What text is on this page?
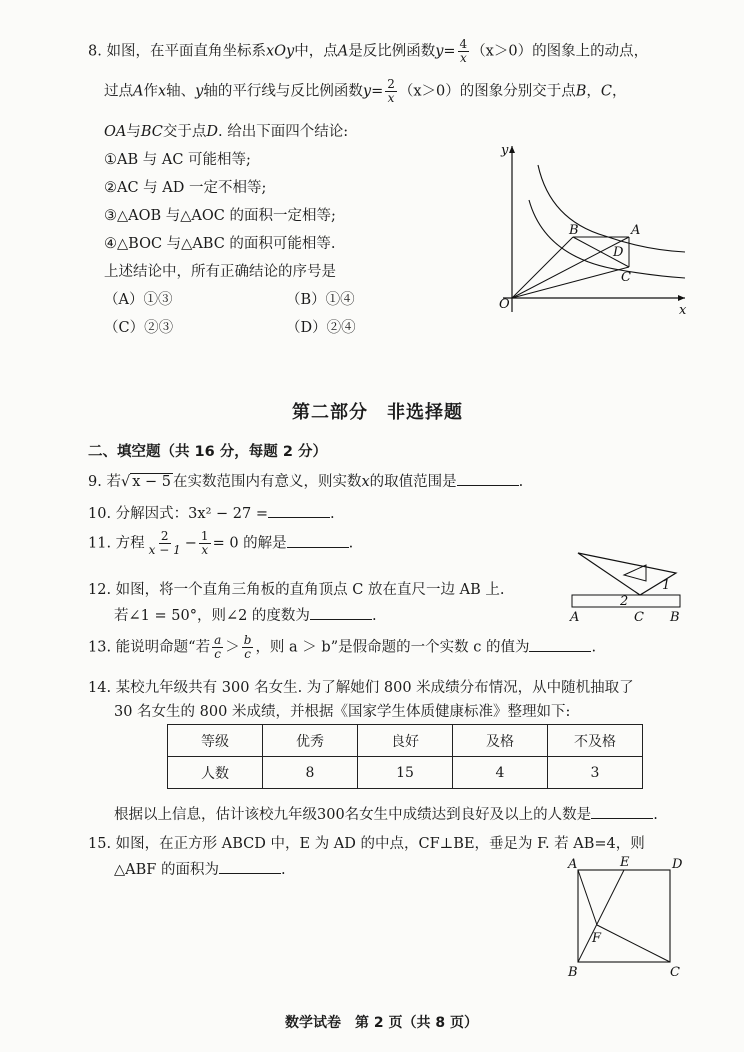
8. 如图，在平面直角坐标系xOy中，点A是反比例函数$y= \frac{4}{x} (x>0)$的图象上的动点，
过点A作x轴、y轴的平行线与反比例函数$y= \frac{2}{x} (x>0)$的图象分别交于点B，C，
OA与BC交于点D. 给出下面四个结论:
①AB 与 AC 可能相等;
②AC 与 AD 一定不相等;
③△AOB 与△AOC 的面积一定相等;
④△BOC 与△ABC 的面积可能相等.
上述结论中，所有正确结论的序号是
（A）①③	（B）①④
（C）②③	（D）②④
y
x
O
A
B
C
D
第二部分　非选择题
二、填空题（共 16 分，每题 2 分）
9. 若√ x − 5 在实数范围内有意义，则实数x的取值范围是	.
10. 分解因式：3x² − 27 =	.
11. 方程 $\frac{2}{x - 1} - \frac{1}{x} = 0$ 的解是	.
12. 如图，将一个直角三角板的直角顶点 C 放在直尺一边 AB 上.
若∠1 = 50°，则∠2 的度数为	.	A	C B
1
2
13. 能说明命题“若 $\frac{a}{c} > \frac{b}{c}$ ，则 a ＞ b”是假命题的一个实数 c 的值为	.
14. 某校九年级共有 300 名女生. 为了解她们 800 米成绩分布情况，从中随机抽取了
30 名女生的 800 米成绩，并根据《国家学生体质健康标准》整理如下:
等级	优秀	良好	及格	不及格
人数	8	15	4	3
根据以上信息，估计该校九年级300名女生中成绩达到良好及以上的人数是	.
15. 如图，在正方形 ABCD 中，E 为 AD 的中点，CF⊥BE，垂足为 F. 若 AB=4，则
△ABF 的面积为	.	A	E	D
F
B	C
数学试卷　第 2 页（共 8 页）
